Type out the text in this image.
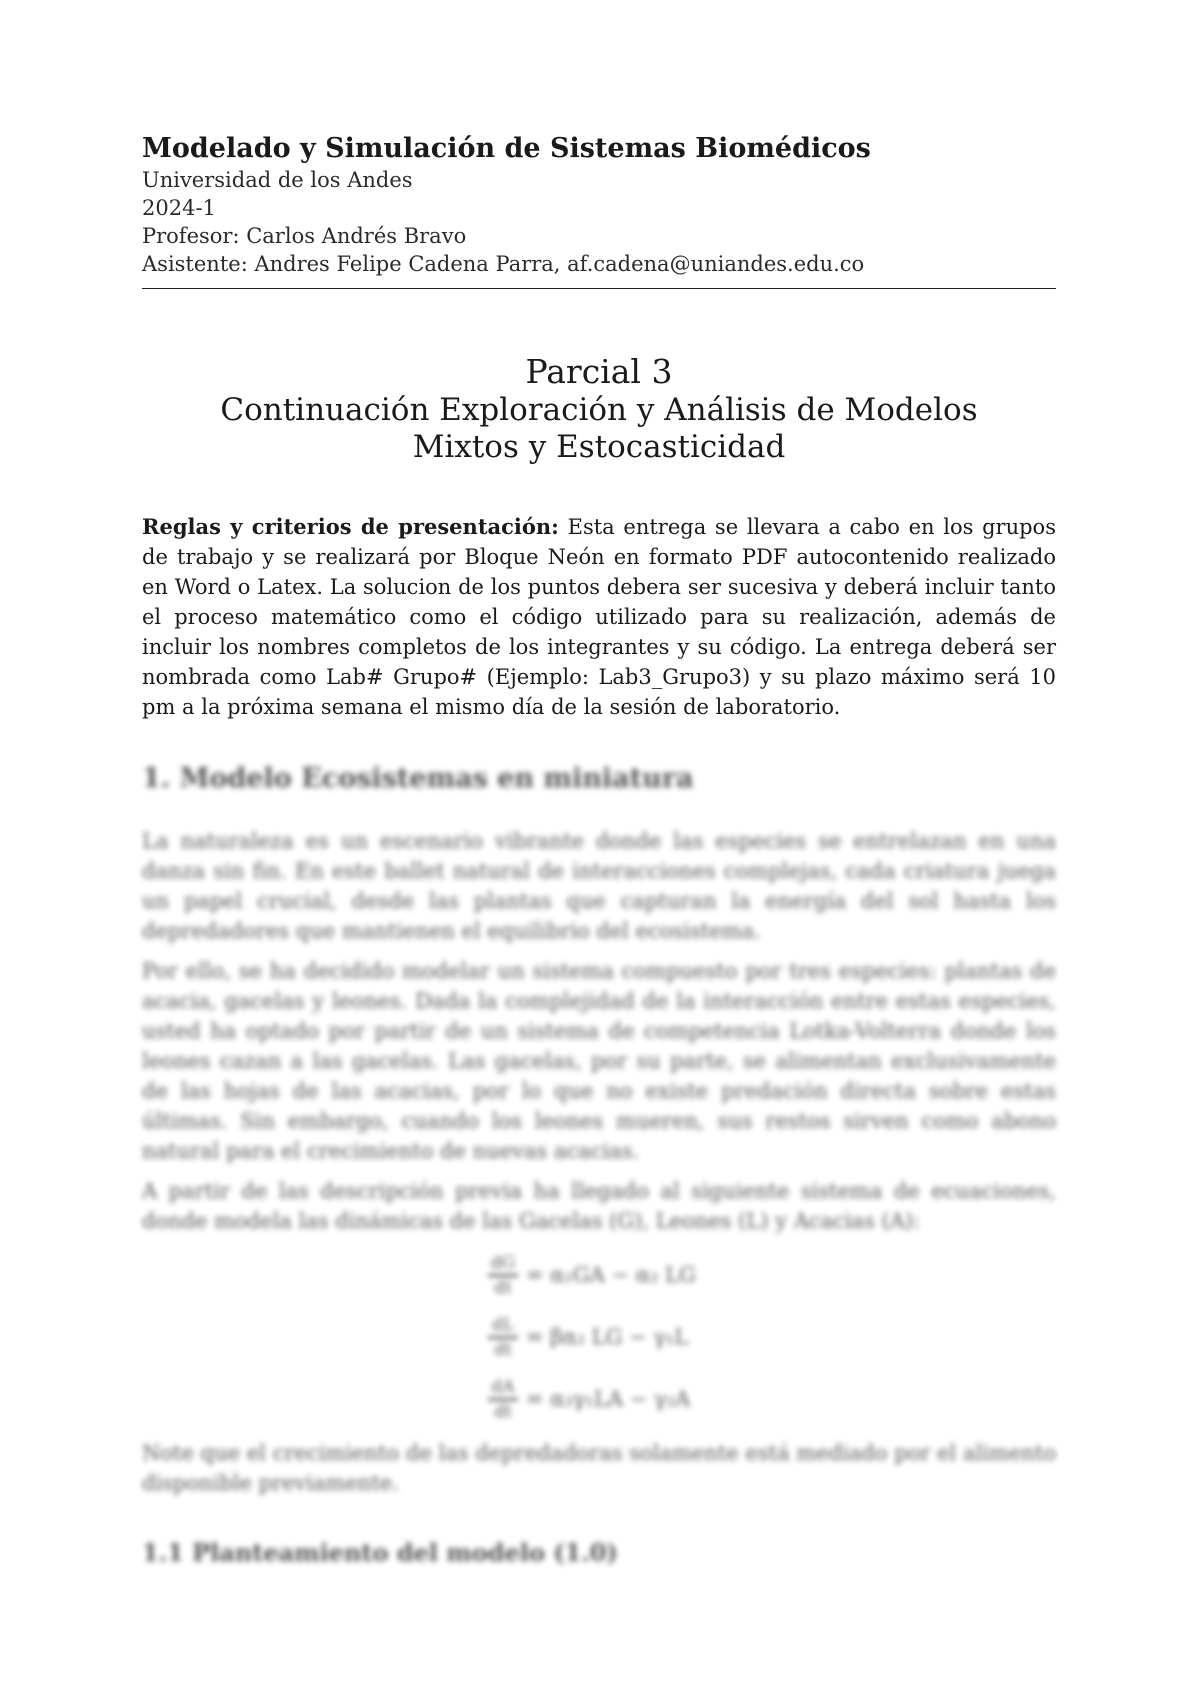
Modelado y Simulación de Sistemas Biomédicos

Universidad de los Andes
2024-1
Profesor: Carlos Andrés Bravo
Asistente: Andres Felipe Cadena Parra, af.cadena@uniandes.edu.co

Parcial 3

Continuación Exploración y Análisis de Modelos

Mixtos y Estocasticidad

Reglas y criterios de presentación: Esta entrega se llevara a cabo en los grupos de trabajo y se realizará por Bloque Neón en formato PDF autocontenido realizado en Word o Latex. La solucion de los puntos debera ser sucesiva y deberá incluir tanto el proceso matemático como el código utilizado para su realización, además de incluir los nombres completos de los integrantes y su código. La entrega deberá ser nombrada como Lab# Grupo# (Ejemplo: Lab3_Grupo3) y su plazo máximo será 10 pm a la próxima semana el mismo día de la sesión de laboratorio.

1. Modelo Ecosistemas en miniatura

La naturaleza es un escenario vibrante donde las especies se entrelazan en una danza sin fin. En este ballet natural de interacciones complejas, cada criatura juega un papel crucial, desde las plantas que capturan la energía del sol hasta los depredadores que mantienen el equilibrio del ecosistema.

Por ello, se ha decidido modelar un sistema compuesto por tres especies: plantas de acacia, gacelas y leones. Dada la complejidad de la interacción entre estas especies, usted ha optado por partir de un sistema de competencia Lotka-Volterra donde los leones cazan a las gacelas. Las gacelas, por su parte, se alimentan exclusivamente de las hojas de las acacias, por lo que no existe predación directa sobre estas últimas. Sin embargo, cuando los leones mueren, sus restos sirven como abono natural para el crecimiento de nuevas acacias.

A partir de las descripción previa ha llegado al siguiente sistema de ecuaciones, donde modela las dinámicas de las Gacelas (G), Leones (L) y Acacias (A):

$\frac{dG}{dt} = \alpha_1GA - \alpha_2$ LG
$\frac{dL}{dt} = \beta\alpha_2$ LG − γ₁L
$\frac{dA}{dt} = \alpha_3\gamma_1LA - \gamma_2A$

Note que el crecimiento de las depredadoras solamente está mediado por el alimento disponible previamente.

1.1 Planteamiento del modelo (1.0)
